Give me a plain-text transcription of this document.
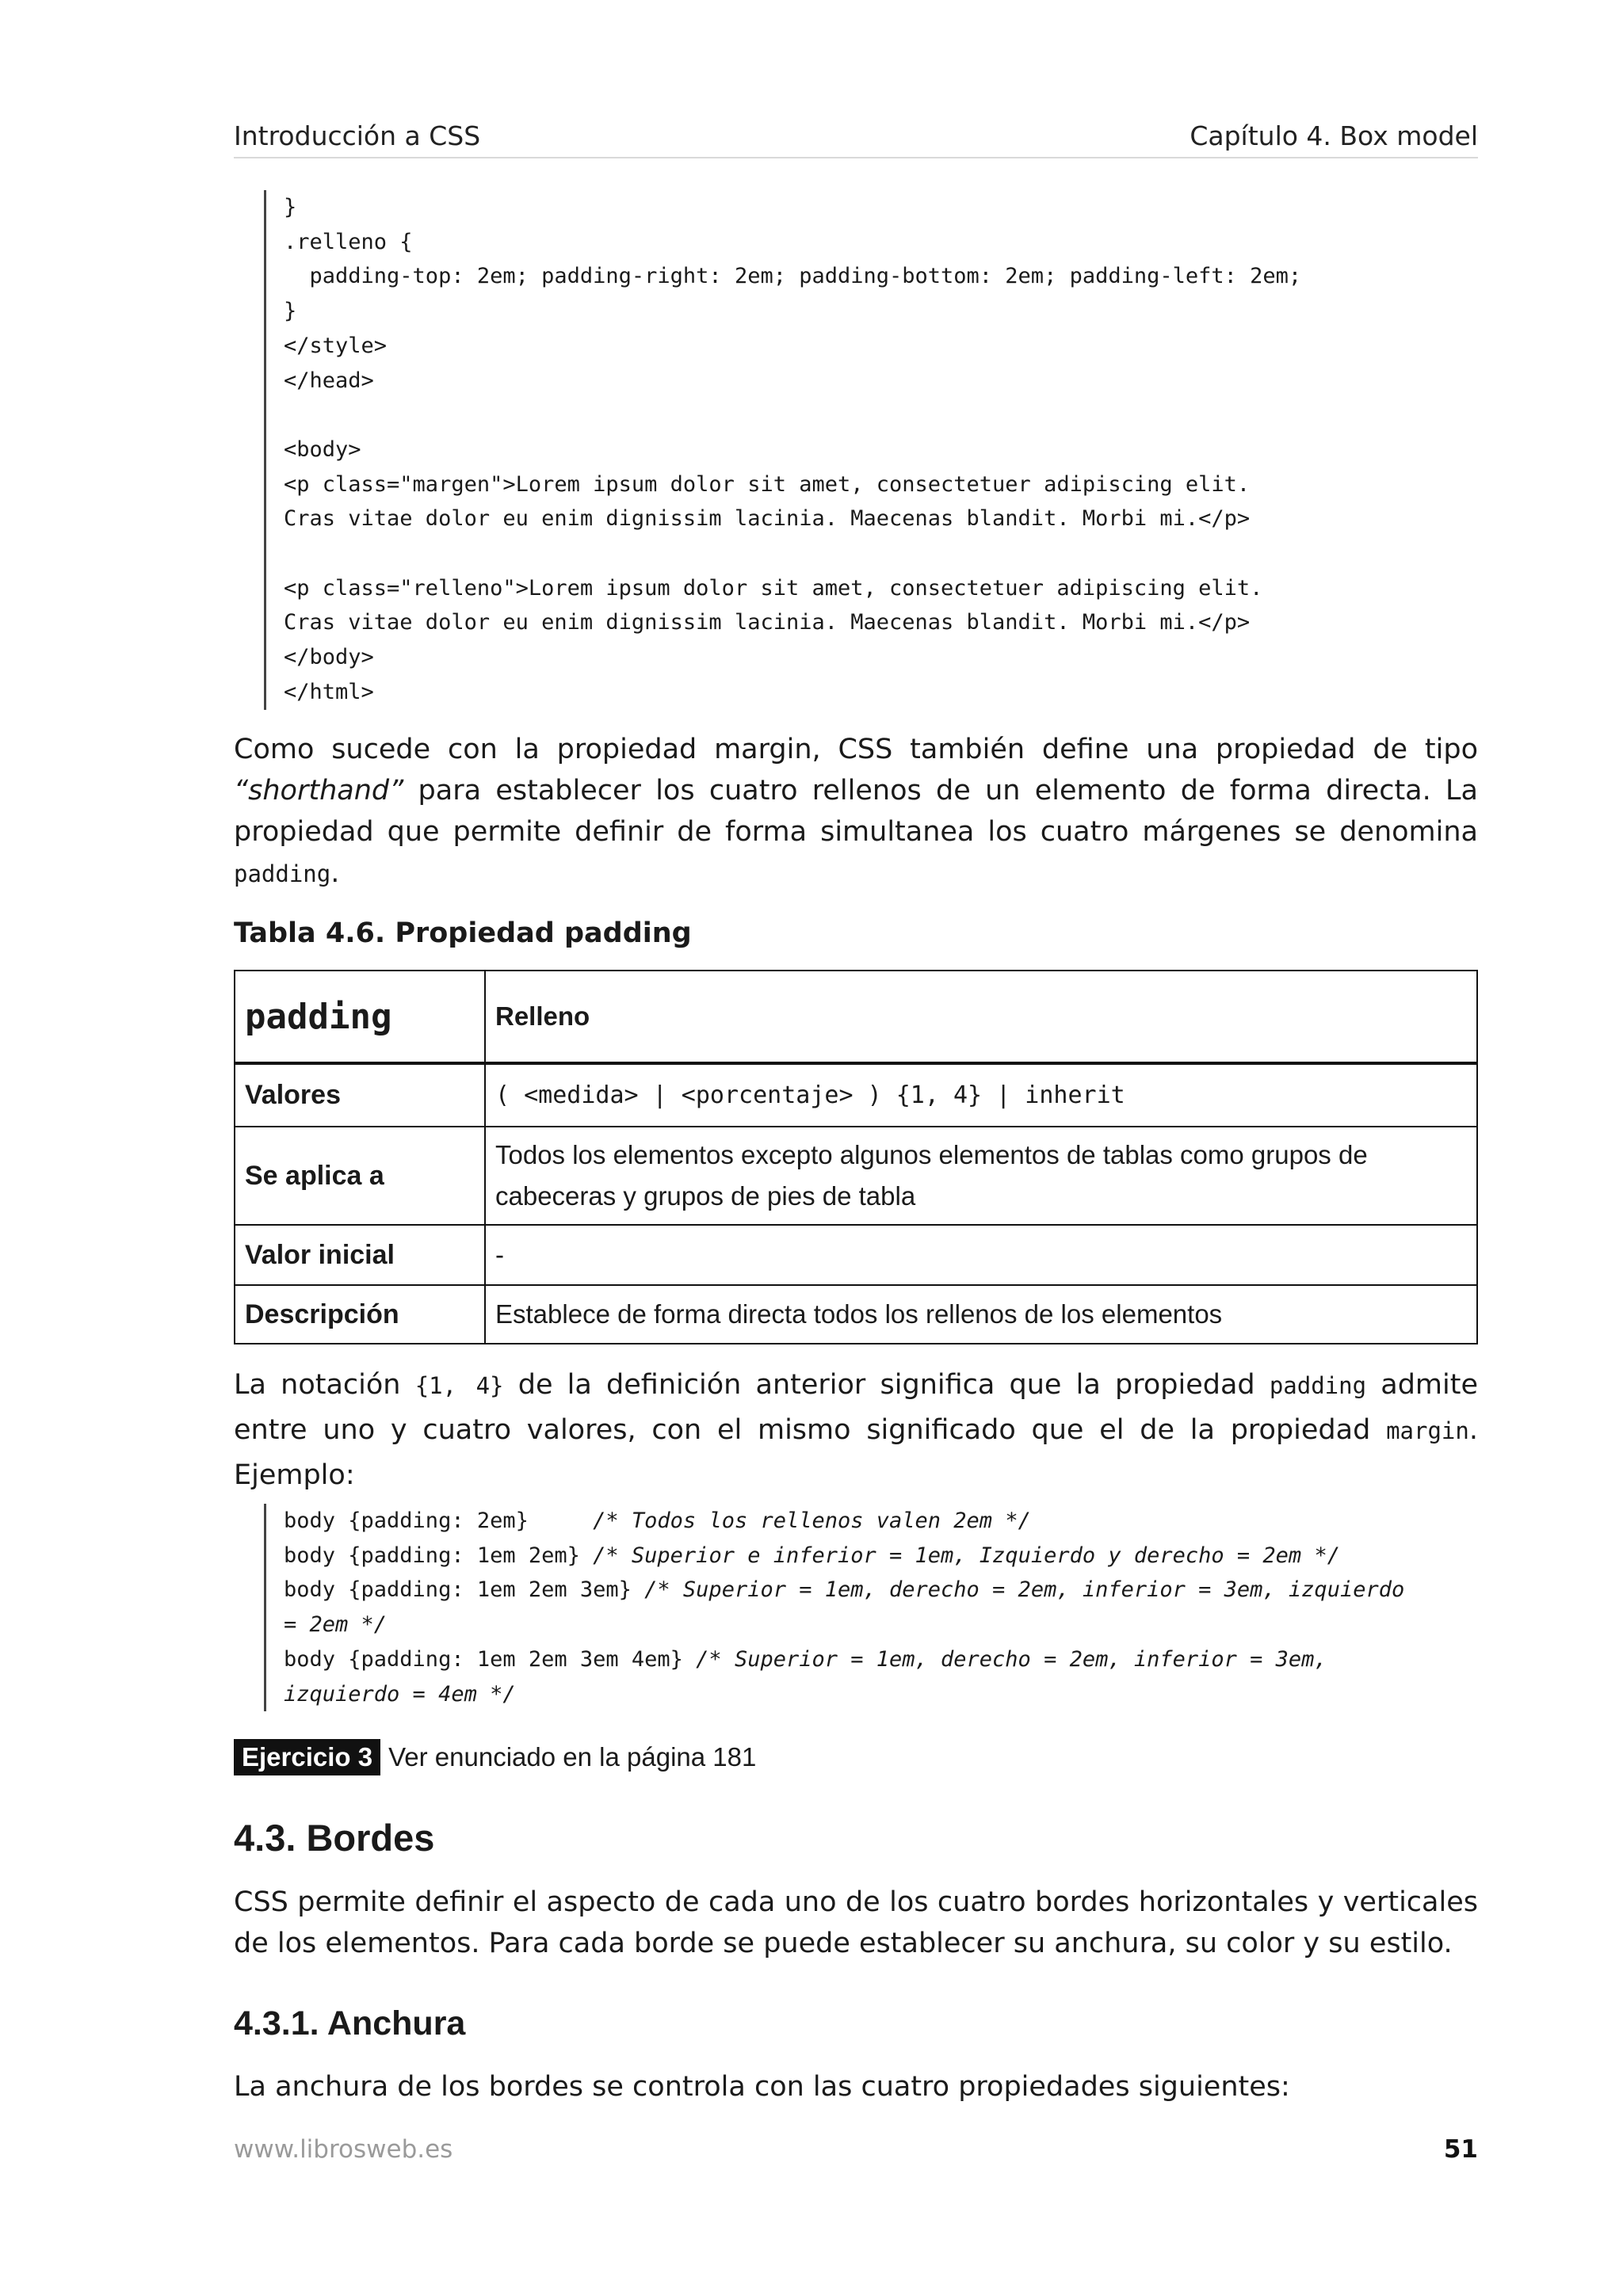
Introducción a CSS	Capítulo 4. Box model
}
.relleno {
padding-top: 2em; padding-right: 2em; padding-bottom: 2em; padding-left: 2em;
}
</style>
</head>

<body>
<p class="margen">Lorem ipsum dolor sit amet, consectetuer adipiscing elit.
Cras vitae dolor eu enim dignissim lacinia. Maecenas blandit. Morbi mi.</p>

<p class="relleno">Lorem ipsum dolor sit amet, consectetuer adipiscing elit.
Cras vitae dolor eu enim dignissim lacinia. Maecenas blandit. Morbi mi.</p>
</body>
</html>
Como sucede con la propiedad margin, CSS también define una propiedad de tipo “shorthand” para establecer los cuatro rellenos de un elemento de forma directa. La propiedad que permite definir de forma simultanea los cuatro márgenes se denomina padding.
Tabla 4.6. Propiedad padding
padding	Relleno
Valores	( <medida> | <porcentaje> ) {1, 4} | inherit
Se aplica a	Todos los elementos excepto algunos elementos de tablas como grupos de cabeceras y grupos de pies de tabla
Valor inicial	-
Descripción	Establece de forma directa todos los rellenos de los elementos
La notación {1, 4} de la definición anterior significa que la propiedad padding admite entre uno y cuatro valores, con el mismo significado que el de la propiedad margin. Ejemplo:
body {padding: 2em}     /* Todos los rellenos valen 2em */
body {padding: 1em 2em} /* Superior e inferior = 1em, Izquierdo y derecho = 2em */
body {padding: 1em 2em 3em} /* Superior = 1em, derecho = 2em, inferior = 3em, izquierdo
= 2em */
body {padding: 1em 2em 3em 4em} /* Superior = 1em, derecho = 2em, inferior = 3em,
izquierdo = 4em */
Ejercicio 3 Ver enunciado en la página 181
4.3. Bordes
CSS permite definir el aspecto de cada uno de los cuatro bordes horizontales y verticales de los elementos. Para cada borde se puede establecer su anchura, su color y su estilo.
4.3.1. Anchura
La anchura de los bordes se controla con las cuatro propiedades siguientes:
www.librosweb.es	51
